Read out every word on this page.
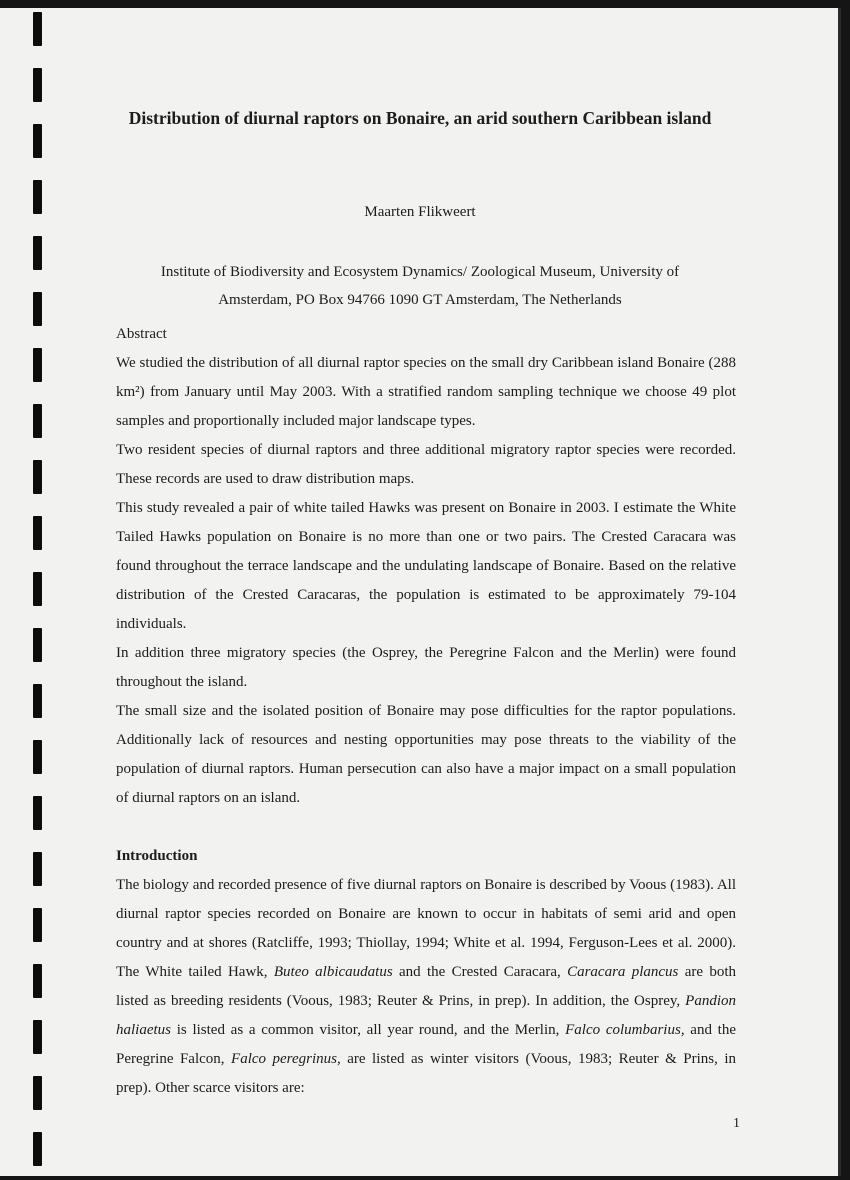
Distribution of diurnal raptors on Bonaire, an arid southern Caribbean island
Maarten Flikweert
Institute of Biodiversity and Ecosystem Dynamics/ Zoological Museum, University of
Amsterdam, PO Box 94766 1090 GT Amsterdam, The Netherlands

Abstract

We studied the distribution of all diurnal raptor species on the small dry Caribbean island Bonaire (288 km²) from January until May 2003. With a stratified random sampling technique we choose 49 plot samples and proportionally included major landscape types.

Two resident species of diurnal raptors and three additional migratory raptor species were recorded. These records are used to draw distribution maps.

This study revealed a pair of white tailed Hawks was present on Bonaire in 2003. I estimate the White Tailed Hawks population on Bonaire is no more than one or two pairs. The Crested Caracara was found throughout the terrace landscape and the undulating landscape of Bonaire. Based on the relative distribution of the Crested Caracaras, the population is estimated to be approximately 79-104 individuals.

In addition three migratory species (the Osprey, the Peregrine Falcon and the Merlin) were found throughout the island.

The small size and the isolated position of Bonaire may pose difficulties for the raptor populations. Additionally lack of resources and nesting opportunities may pose threats to the viability of the population of diurnal raptors. Human persecution can also have a major impact on a small population of diurnal raptors on an island.

Introduction

The biology and recorded presence of five diurnal raptors on Bonaire is described by Voous (1983). All diurnal raptor species recorded on Bonaire are known to occur in habitats of semi arid and open country and at shores (Ratcliffe, 1993; Thiollay, 1994; White et al. 1994, Ferguson-Lees et al. 2000). The White tailed Hawk, Buteo albicaudatus and the Crested Caracara, Caracara plancus are both listed as breeding residents (Voous, 1983; Reuter & Prins, in prep). In addition, the Osprey, Pandion haliaetus is listed as a common visitor, all year round, and the Merlin, Falco columbarius, and the Peregrine Falcon, Falco peregrinus, are listed as winter visitors (Voous, 1983; Reuter & Prins, in prep). Other scarce visitors are:

1
